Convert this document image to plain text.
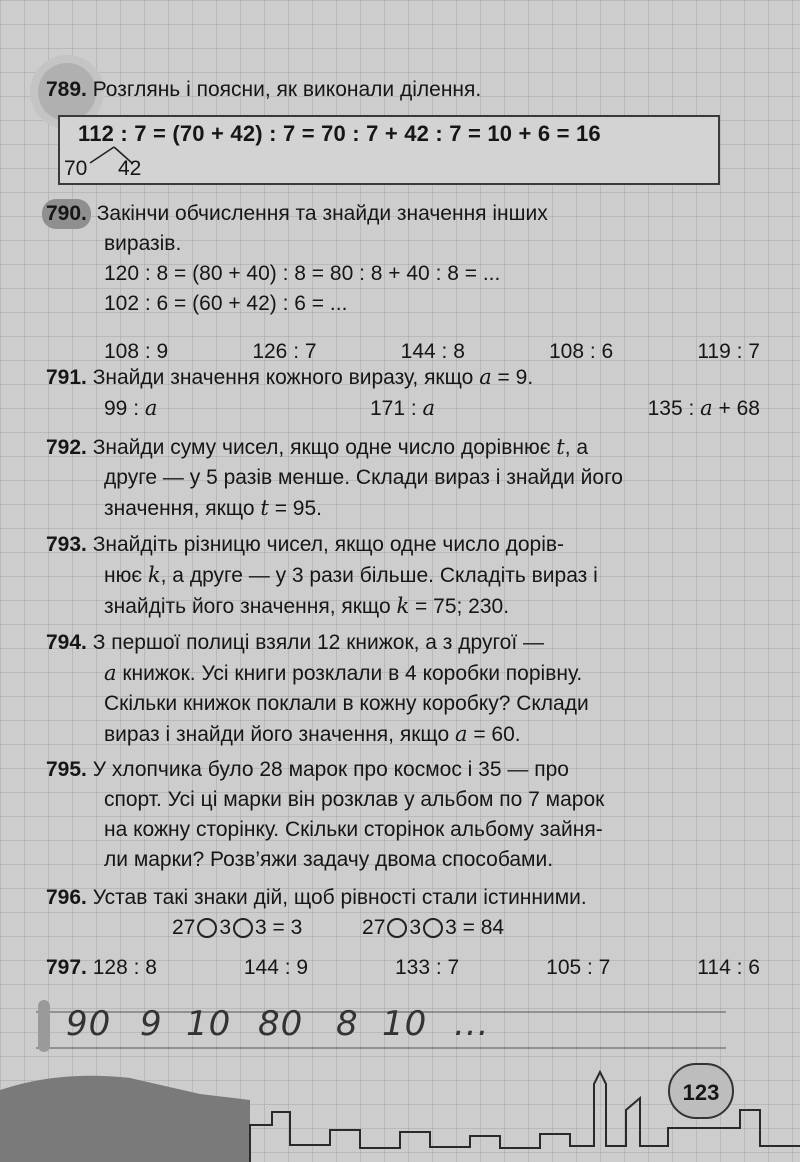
789. Розглянь і поясни, як виконали ділення.
112 : 7 = (70 + 42) : 7 = 70 : 7 + 42 : 7 = 10 + 6 = 16
70 42
790. Закінчи обчислення та знайди значення інших
виразів.
120 : 8 = (80 + 40) : 8 = 80 : 8 + 40 : 8 = ...
102 : 6 = (60 + 42) : 6 = ...
108 : 9	126 : 7	144 : 8	108 : 6	119 : 7
791. Знайди значення кожного виразу, якщо a = 9.
99 : a	171 : a	135 : a + 68
792. Знайди суму чисел, якщо одне число дорівнює t, а
друге — у 5 разів менше. Склади вираз і знайди його
значення, якщо t = 95.
793. Знайдіть різницю чисел, якщо одне число дорів-
нює k, а друге — у 3 рази більше. Складіть вираз і
знайдіть його значення, якщо k = 75; 230.
794. З першої полиці взяли 12 книжок, а з другої —
a книжок. Усі книги розклали в 4 коробки порівну.
Скільки книжок поклали в кожну коробку? Склади
вираз і знайди його значення, якщо a = 60.
795. У хлопчика було 28 марок про космос і 35 — про
спорт. Усі ці марки він розклав у альбом по 7 марок
на кожну сторінку. Скільки сторінок альбому зайня-
ли марки? Розв’яжи задачу двома способами.
796. Устав такі знаки дій, щоб рівності стали істинними.
27 3 3 = 3	27 3 3 = 84
797. 128 : 8	144 : 9	133 : 7	105 : 7	114 : 6
90 9 10 80 8 10 ...
123
